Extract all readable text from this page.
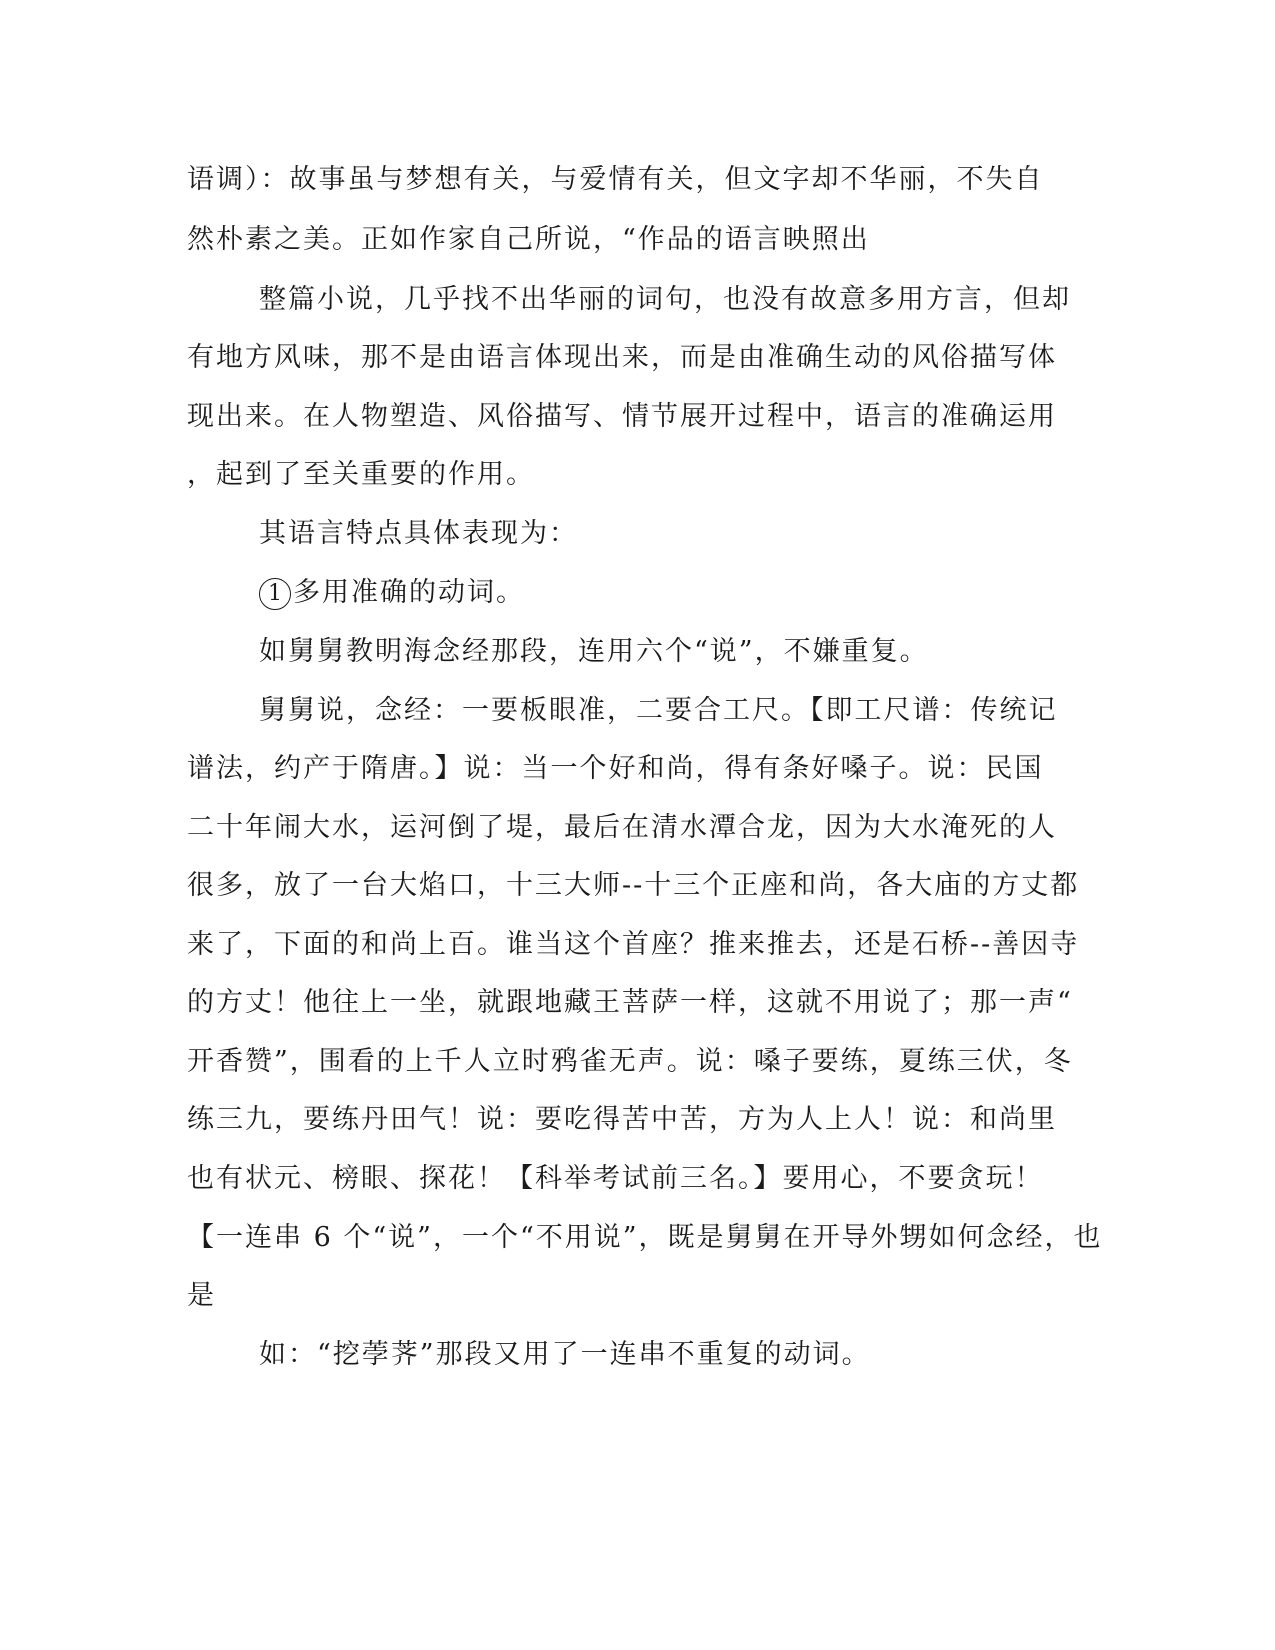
语调）：故事虽与梦想有关，与爱情有关，但文字却不华丽，不失自
然朴素之美。正如作家自己所说，“作品的语言映照出
整篇小说，几乎找不出华丽的词句，也没有故意多用方言，但却
有地方风味，那不是由语言体现出来，而是由准确生动的风俗描写体
现出来。在人物塑造、风俗描写、情节展开过程中，语言的准确运用
，起到了至关重要的作用。
其语言特点具体表现为：
1 多用准确的动词。
如舅舅教明海念经那段，连用六个“说”，不嫌重复。
舅舅说，念经：一要板眼准，二要合工尺。【即工尺谱：传统记
谱法，约产于隋唐。】说：当一个好和尚，得有条好嗓子。说：民国
二十年闹大水，运河倒了堤，最后在清水潭合龙，因为大水淹死的人
很多，放了一台大焰口，十三大师--十三个正座和尚，各大庙的方丈都
来了，下面的和尚上百。谁当这个首座？推来推去，还是石桥--善因寺
的方丈！他往上一坐，就跟地藏王菩萨一样，这就不用说了；那一声“
开香赞”，围看的上千人立时鸦雀无声。说：嗓子要练，夏练三伏，冬
练三九，要练丹田气！说：要吃得苦中苦，方为人上人！说：和尚里
也有状元、榜眼、探花！【科举考试前三名。】要用心，不要贪玩！
【一连串 6 个“说”，一个“不用说”，既是舅舅在开导外甥如何念经，也
是
如：“挖荸荠”那段又用了一连串不重复的动词。
